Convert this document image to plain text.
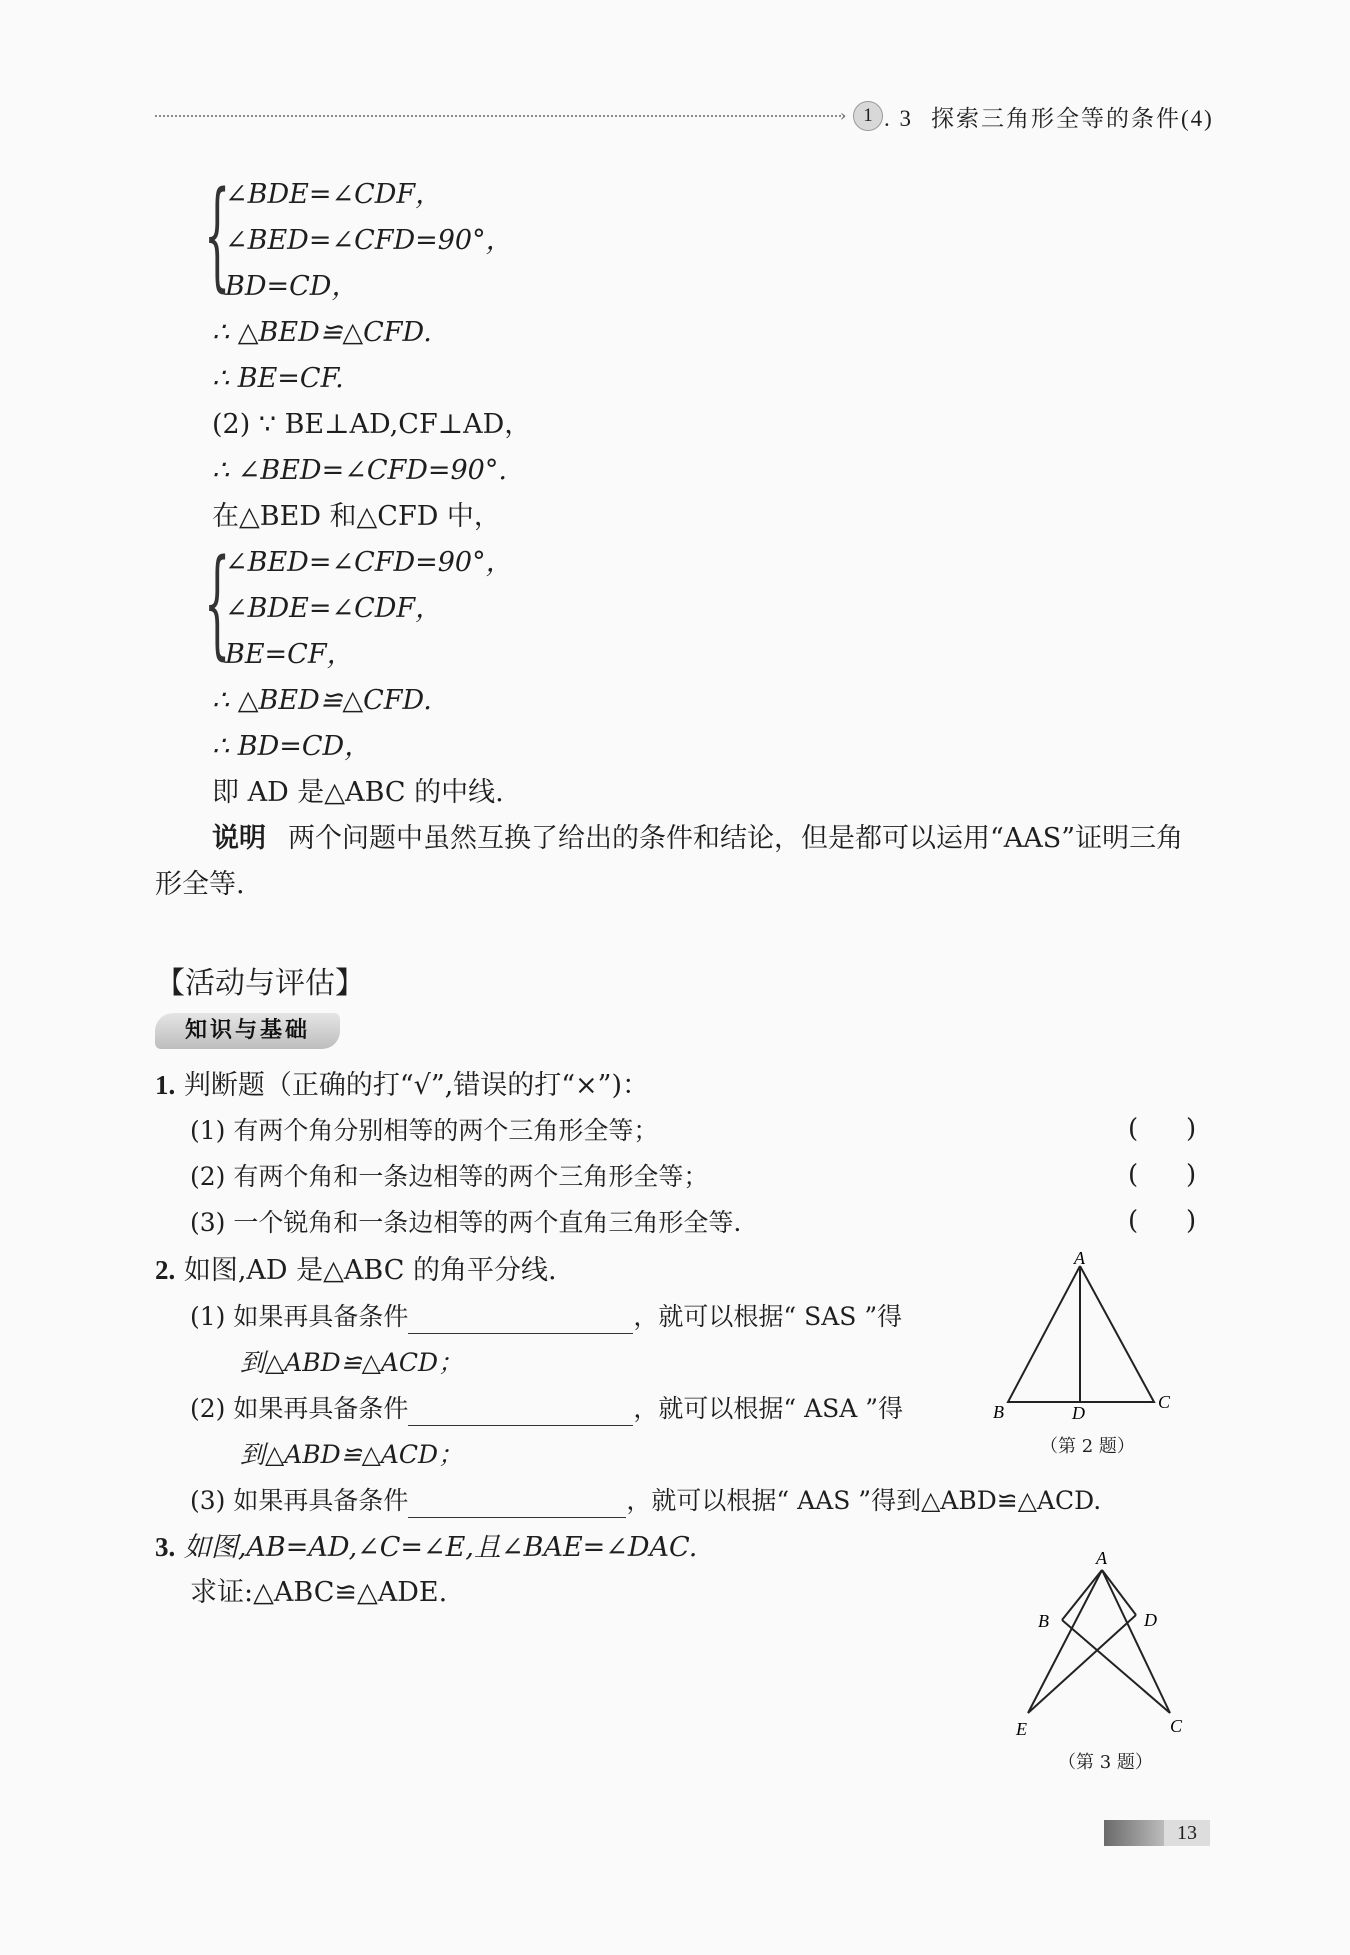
› 1 . 3 探索三角形全等的条件(4)
{
∠BDE=∠CDF，
∠BED=∠CFD=90°，
BD=CD，
∴ △BED≌△CFD.
∴ BE=CF.
(2) ∵ BE⊥AD,CF⊥AD，
∴ ∠BED=∠CFD=90°.
在△BED 和△CFD 中，
{
∠BED=∠CFD=90°，
∠BDE=∠CDF，
BE=CF，
∴ △BED≌△CFD.
∴ BD=CD，
即 AD 是△ABC 的中线.
说明 两个问题中虽然互换了给出的条件和结论，但是都可以运用“AAS”证明三角
形全等.
【活动与评估】
知识与基础
1. 判断题（正确的打“√”,错误的打“×”)：
(1) 有两个角分别相等的两个三角形全等；	( )
(2) 有两个角和一条边相等的两个三角形全等；	( )
(3) 一个锐角和一条边相等的两个直角三角形全等.	( )
2. 如图,AD 是△ABC 的角平分线.
(1) 如果再具备条件	，就可以根据“ SAS ”得
到△ABD≌△ACD；
(2) 如果再具备条件	，就可以根据“ ASA ”得
到△ABD≌△ACD；
(3) 如果再具备条件	，就可以根据“ AAS ”得到△ABD≌△ACD.
A
B	D
C
（第 2 题）
3. 如图,AB=AD,∠C=∠E,且∠BAE=∠DAC.
求证:△ABC≌△ADE.
A
B	D
E	C
（第 3 题）
13
